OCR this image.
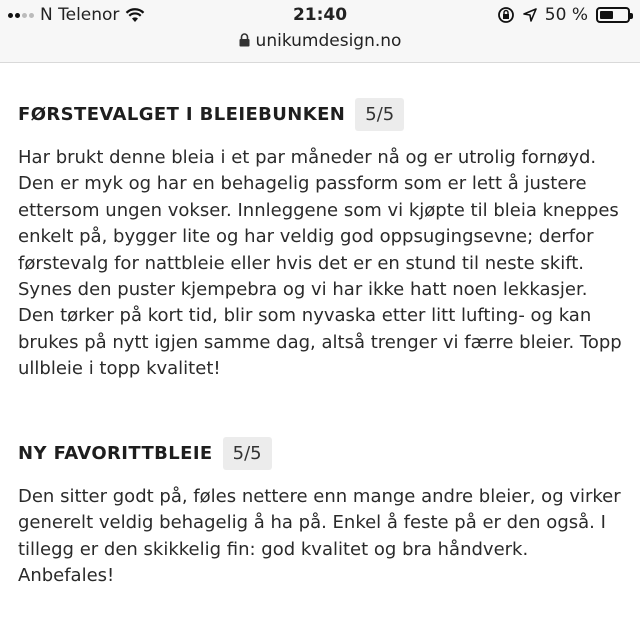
N Telenor	21:40	50 %
unikumdesign.no
FØRSTEVALGET I BLEIEBUNKEN	5/5

Har brukt denne bleia i et par måneder nå og er utrolig fornøyd. Den er myk og har en behagelig passform som er lett å justere ettersom ungen vokser. Innleggene som vi kjøpte til bleia kneppes enkelt på, bygger lite og har veldig god oppsugingsevne; derfor førstevalg for nattbleie eller hvis det er en stund til neste skift. Synes den puster kjempebra og vi har ikke hatt noen lekkasjer. Den tørker på kort tid, blir som nyvaska etter litt lufting- og kan brukes på nytt igjen samme dag, altså trenger vi færre bleier. Topp ullbleie i topp kvalitet!

NY FAVORITTBLEIE	5/5

Den sitter godt på, føles nettere enn mange andre bleier, og virker generelt veldig behagelig å ha på. Enkel å feste på er den også. I tillegg er den skikkelig fin: god kvalitet og bra håndverk. Anbefales!
